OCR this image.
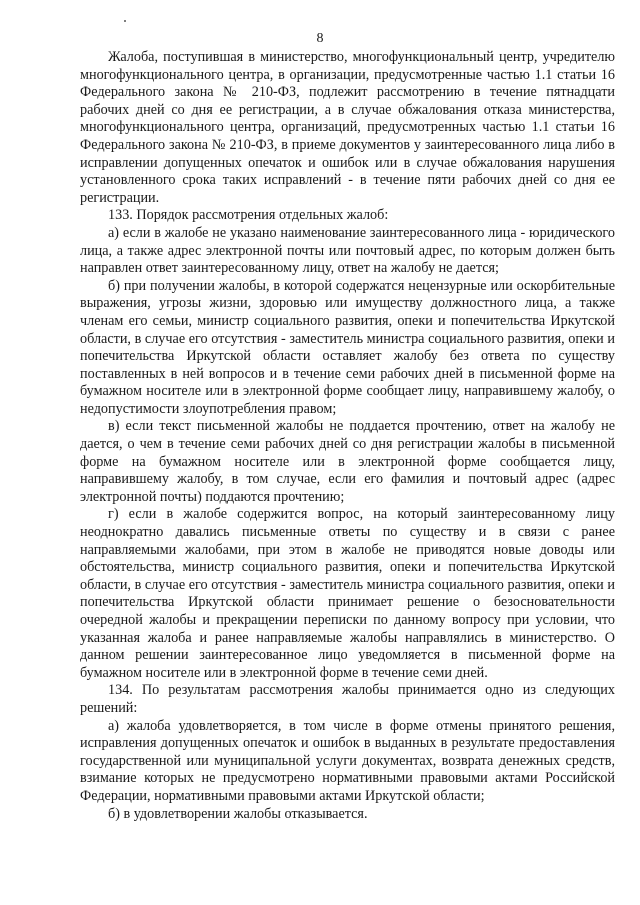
8

Жалоба, поступившая в министерство, многофункциональный центр, учредителю многофункционального центра, в организации, предусмотренные частью 1.1 статьи 16 Федерального закона № 210-ФЗ, подлежит рассмотрению в течение пятнадцати рабочих дней со дня ее регистрации, а в случае обжалования отказа министерства, многофункционального центра, организаций, предусмотренных частью 1.1 статьи 16 Федерального закона № 210-ФЗ, в приеме документов у заинтересованного лица либо в исправлении допущенных опечаток и ошибок или в случае обжалования нарушения установленного срока таких исправлений - в течение пяти рабочих дней со дня ее регистрации.

133. Порядок рассмотрения отдельных жалоб:

а) если в жалобе не указано наименование заинтересованного лица - юридического лица, а также адрес электронной почты или почтовый адрес, по которым должен быть направлен ответ заинтересованному лицу, ответ на жалобу не дается;

б) при получении жалобы, в которой содержатся нецензурные или оскорбительные выражения, угрозы жизни, здоровью или имуществу должностного лица, а также членам его семьи, министр социального развития, опеки и попечительства Иркутской области, в случае его отсутствия - заместитель министра социального развития, опеки и попечительства Иркутской области оставляет жалобу без ответа по существу поставленных в ней вопросов и в течение семи рабочих дней в письменной форме на бумажном носителе или в электронной форме сообщает лицу, направившему жалобу, о недопустимости злоупотребления правом;

в) если текст письменной жалобы не поддается прочтению, ответ на жалобу не дается, о чем в течение семи рабочих дней со дня регистрации жалобы в письменной форме на бумажном носителе или в электронной форме сообщается лицу, направившему жалобу, в том случае, если его фамилия и почтовый адрес (адрес электронной почты) поддаются прочтению;

г) если в жалобе содержится вопрос, на который заинтересованному лицу неоднократно давались письменные ответы по существу и в связи с ранее направляемыми жалобами, при этом в жалобе не приводятся новые доводы или обстоятельства, министр социального развития, опеки и попечительства Иркутской области, в случае его отсутствия - заместитель министра социального развития, опеки и попечительства Иркутской области принимает решение о безосновательности очередной жалобы и прекращении переписки по данному вопросу при условии, что указанная жалоба и ранее направляемые жалобы направлялись в министерство. О данном решении заинтересованное лицо уведомляется в письменной форме на бумажном носителе или в электронной форме в течение семи дней.

134. По результатам рассмотрения жалобы принимается одно из следующих решений:

а) жалоба удовлетворяется, в том числе в форме отмены принятого решения, исправления допущенных опечаток и ошибок в выданных в результате предоставления государственной или муниципальной услуги документах, возврата денежных средств, взимание которых не предусмотрено нормативными правовыми актами Российской Федерации, нормативными правовыми актами Иркутской области;

б) в удовлетворении жалобы отказывается.
